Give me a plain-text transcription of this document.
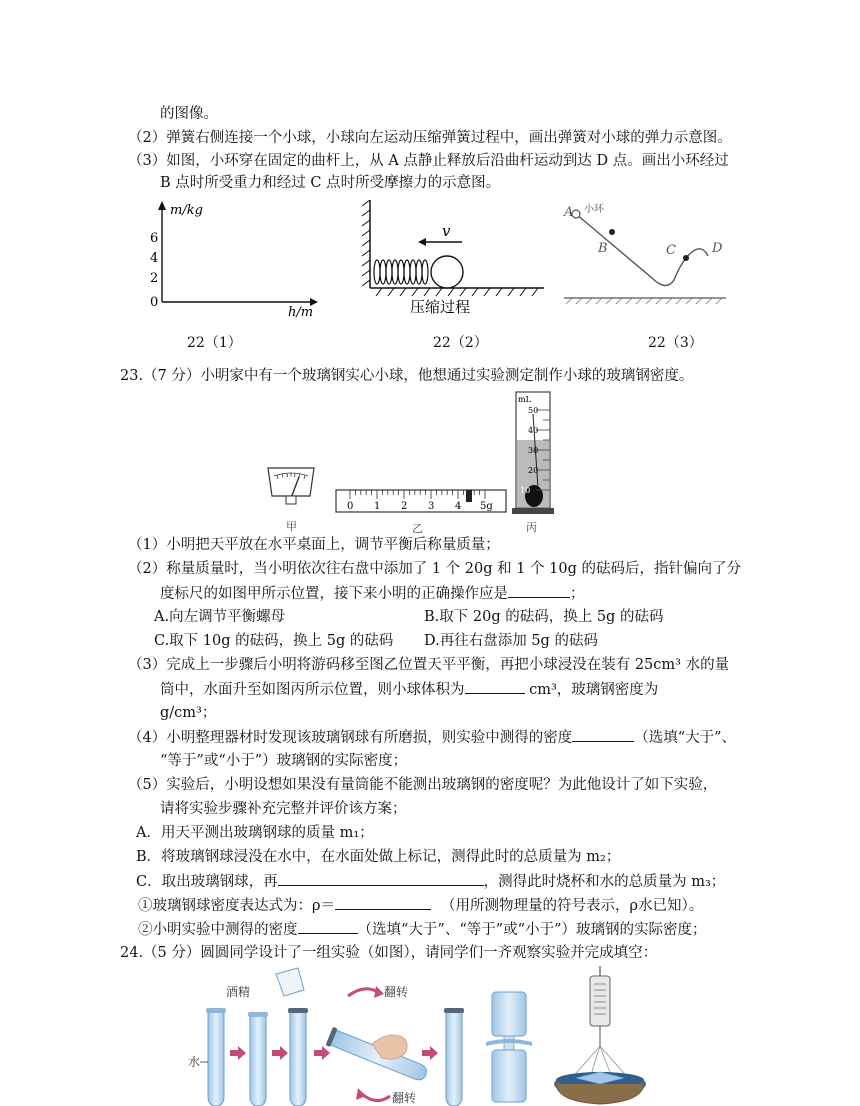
的图像。
（2）弹簧右侧连接一个小球，小球向左运动压缩弹簧过程中，画出弹簧对小球的弹力示意图。
（3）如图，小环穿在固定的曲杆上，从 A 点静止释放后沿曲杆运动到达 D 点。画出小环经过
B 点时所受重力和经过 C 点时所受摩擦力的示意图。
m/kg
h/m
6
4
2
0
22（1）
v
压缩过程
22（2）
A 小环
B	C	D
22（3）
23.（7 分）小明家中有一个玻璃钢实心小球，他想通过实验测定制作小球的玻璃钢密度。
甲
0 1 2 3 4 5g
乙
mL
50
40
30
20
10
丙
（1）小明把天平放在水平桌面上，调节平衡后称量质量；
（2）称量质量时，当小明依次往右盘中添加了 1 个 20g 和 1 个 10g 的砝码后，指针偏向了分
度标尺的如图甲所示位置，接下来小明的正确操作应是	；
A.向左调节平衡螺母	B.取下 20g 的砝码，换上 5g 的砝码
C.取下 10g 的砝码，换上 5g 的砝码 D.再往右盘添加 5g 的砝码
（3）完成上一步骤后小明将游码移至图乙位置天平平衡，再把小球浸没在装有 25cm³ 水的量
筒中，水面升至如图丙所示位置，则小球体积为	cm³，玻璃钢密度为
g/cm³；
（4）小明整理器材时发现该玻璃钢球有所磨损，则实验中测得的密度	（选填“大于”、
“等于”或“小于”）玻璃钢的实际密度；
（5）实验后，小明设想如果没有量筒能不能测出玻璃钢的密度呢？为此他设计了如下实验，
请将实验步骤补充完整并评价该方案；
A．用天平测出玻璃钢球的质量 m₁；
B．将玻璃钢球浸没在水中，在水面处做上标记，测得此时的总质量为 m₂；
C．取出玻璃钢球，再	，测得此时烧杯和水的总质量为 m₃；
①玻璃钢球密度表达式为：ρ＝	（用所测物理量的符号表示，ρ水已知）。
②小明实验中测得的密度	（选填“大于”、“等于”或“小于”）玻璃钢的实际密度；
24.（5 分）圆圆同学设计了一组实验（如图），请同学们一齐观察实验并完成填空：
水
酒精	翻转
翻转
